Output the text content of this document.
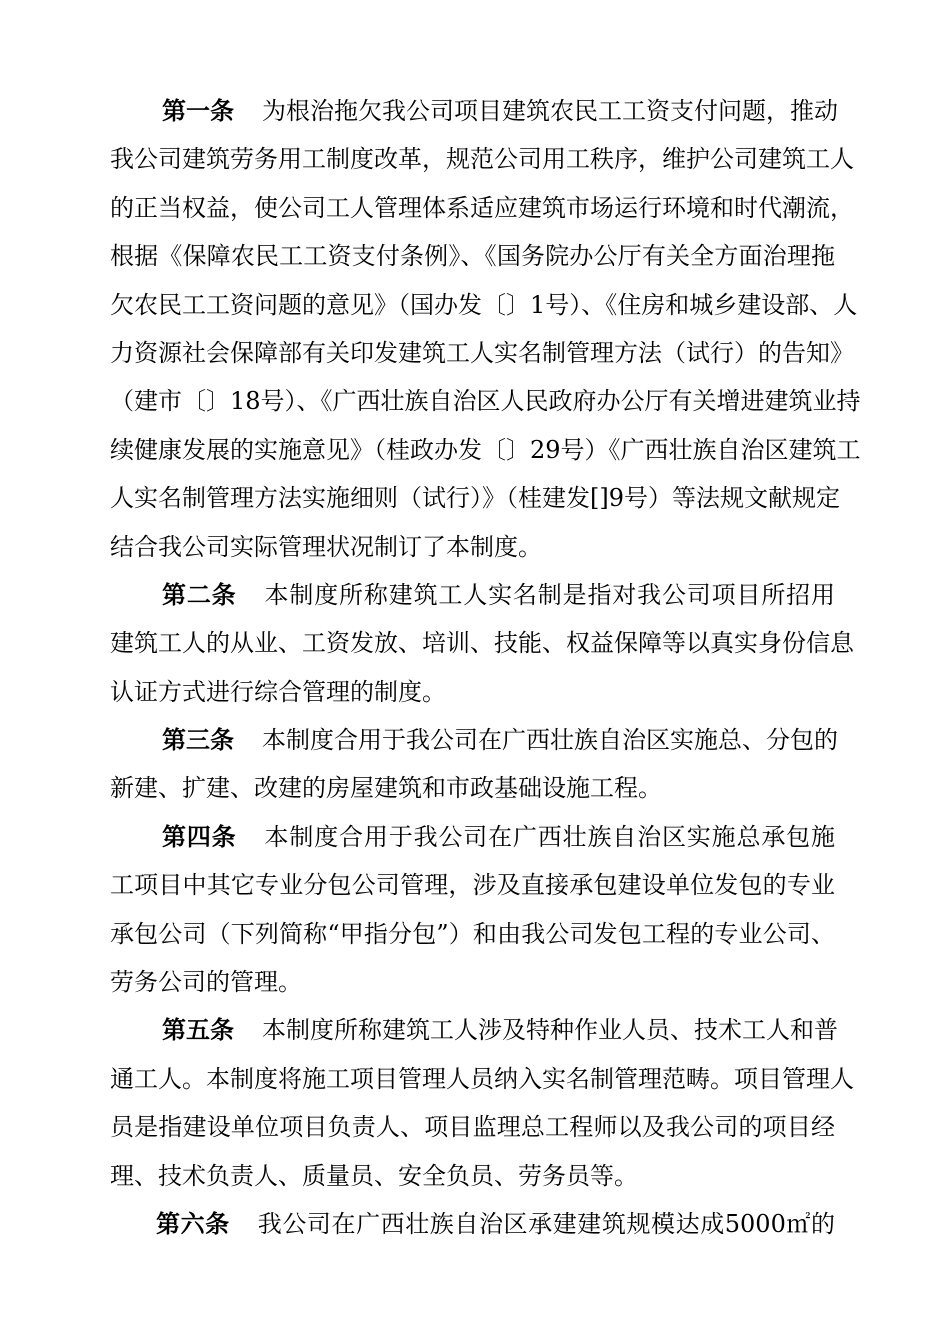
第一条 为根治拖欠我公司项目建筑农民工工资支付问题，推动
我公司建筑劳务用工制度改革，规范公司用工秩序，维护公司建筑工人
的正当权益，使公司工人管理体系适应建筑市场运行环境和时代潮流，
根据《保障农民工工资支付条例》、《国务院办公厅有关全方面治理拖
欠农民工工资问题的意见》（国办发〔〕1号）、《住房和城乡建设部、人
力资源社会保障部有关印发建筑工人实名制管理方法（试行）的告知》
（建市〔〕18号）、《广西壮族自治区人民政府办公厅有关增进建筑业持
续健康发展的实施意见》（桂政办发〔〕29号）《广西壮族自治区建筑工
人实名制管理方法实施细则（试行）》（桂建发[]9号）等法规文献规定
结合我公司实际管理状况制订了本制度。
第二条 本制度所称建筑工人实名制是指对我公司项目所招用
建筑工人的从业、工资发放、培训、技能、权益保障等以真实身份信息
认证方式进行综合管理的制度。
第三条 本制度合用于我公司在广西壮族自治区实施总、分包的
新建、扩建、改建的房屋建筑和市政基础设施工程。
第四条 本制度合用于我公司在广西壮族自治区实施总承包施
工项目中其它专业分包公司管理，涉及直接承包建设单位发包的专业
承包公司（下列简称“甲指分包”）和由我公司发包工程的专业公司、
劳务公司的管理。
第五条 本制度所称建筑工人涉及特种作业人员、技术工人和普
通工人。本制度将施工项目管理人员纳入实名制管理范畴。项目管理人
员是指建设单位项目负责人、项目监理总工程师以及我公司的项目经
理、技术负责人、质量员、安全负员、劳务员等。
第六条 我公司在广西壮族自治区承建建筑规模达成5000㎡的
